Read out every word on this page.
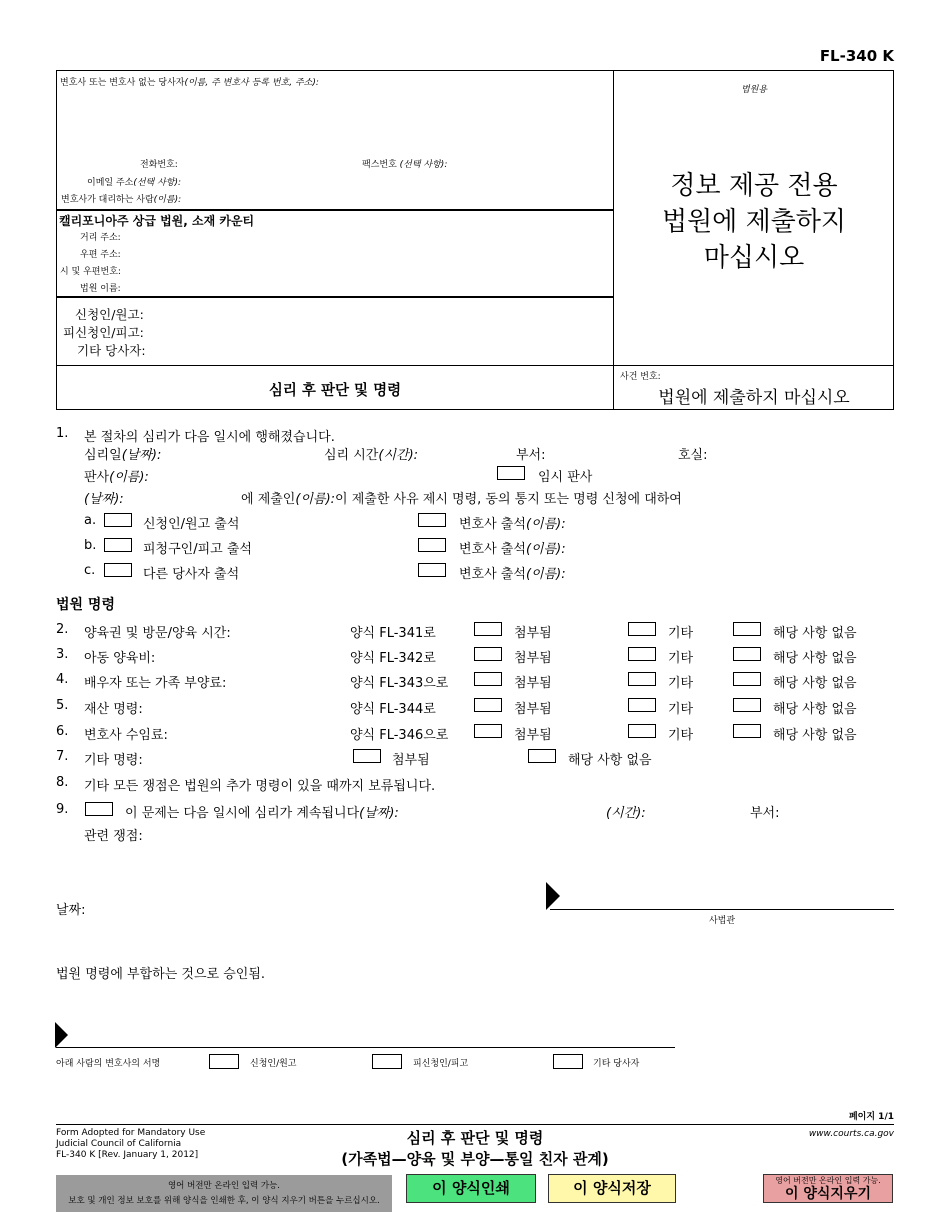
FL-340 K
변호사 또는 변호사 없는 당사자(이름, 주 변호사 등록 번호, 주소):
전화번호:	팩스번호 (선택 사항):
이메일 주소(선택 사항):
변호사가 대리하는 사람(이름):
캘리포니아주 상급 법원, 소재 카운티
거리 주소:
우편 주소:
시 및 우편번호:
법원 이름:
신청인/원고:
피신청인/피고:
기타 당사자:
심리 후 판단 및 명령
법원용
정보 제공 전용
법원에 제출하지
마십시오
사건 번호:
법원에 제출하지 마십시오
1. 본 절차의 심리가 다음 일시에 행해졌습니다.
심리일(날짜):	심리 시간(시간):	부서:	호실:
판사(이름):	임시 판사
(날짜):	에 제출인(이름):이 제출한 사유 제시 명령, 동의 통지 또는 명령 신청에 대하여
a.	신청인/원고 출석	변호사 출석(이름):
b.	피청구인/피고 출석	변호사 출석(이름):
c.	다른 당사자 출석	변호사 출석(이름):
법원 명령
2. 양육권 및 방문/양육 시간:	양식 FL-341로	첨부됨	기타	해당 사항 없음
3. 아동 양육비:	양식 FL-342로	첨부됨	기타	해당 사항 없음
4. 배우자 또는 가족 부양료:	양식 FL-343으로	첨부됨	기타	해당 사항 없음
5. 재산 명령:	양식 FL-344로	첨부됨	기타	해당 사항 없음
6. 변호사 수임료:	양식 FL-346으로	첨부됨	기타	해당 사항 없음
7. 기타 명령:	첨부됨	해당 사항 없음
8. 기타 모든 쟁점은 법원의 추가 명령이 있을 때까지 보류됩니다.
9.	이 문제는 다음 일시에 심리가 계속됩니다(날짜):	(시간):	부서:
관련 쟁점:
날짜:
사법관
법원 명령에 부합하는 것으로 승인됨.
아래 사람의 변호사의 서명	신청인/원고	피신청인/피고	기타 당사자
페이지 1/1
Form Adopted for Mandatory Use
Judicial Council of California
FL-340 K [Rev. January 1, 2012]
심리 후 판단 및 명령
(가족법—양육 및 부양—통일 친자 관계)
www.courts.ca.gov
영어 버전만 온라인 입력 가능.
보호 및 개인 정보 보호를 위해 양식을 인쇄한 후, 이 양식 지우기 버튼을 누르십시오.
이 양식인쇄	이 양식저장	영어 버전만 온라인 입력 가능.
이 양식지우기
